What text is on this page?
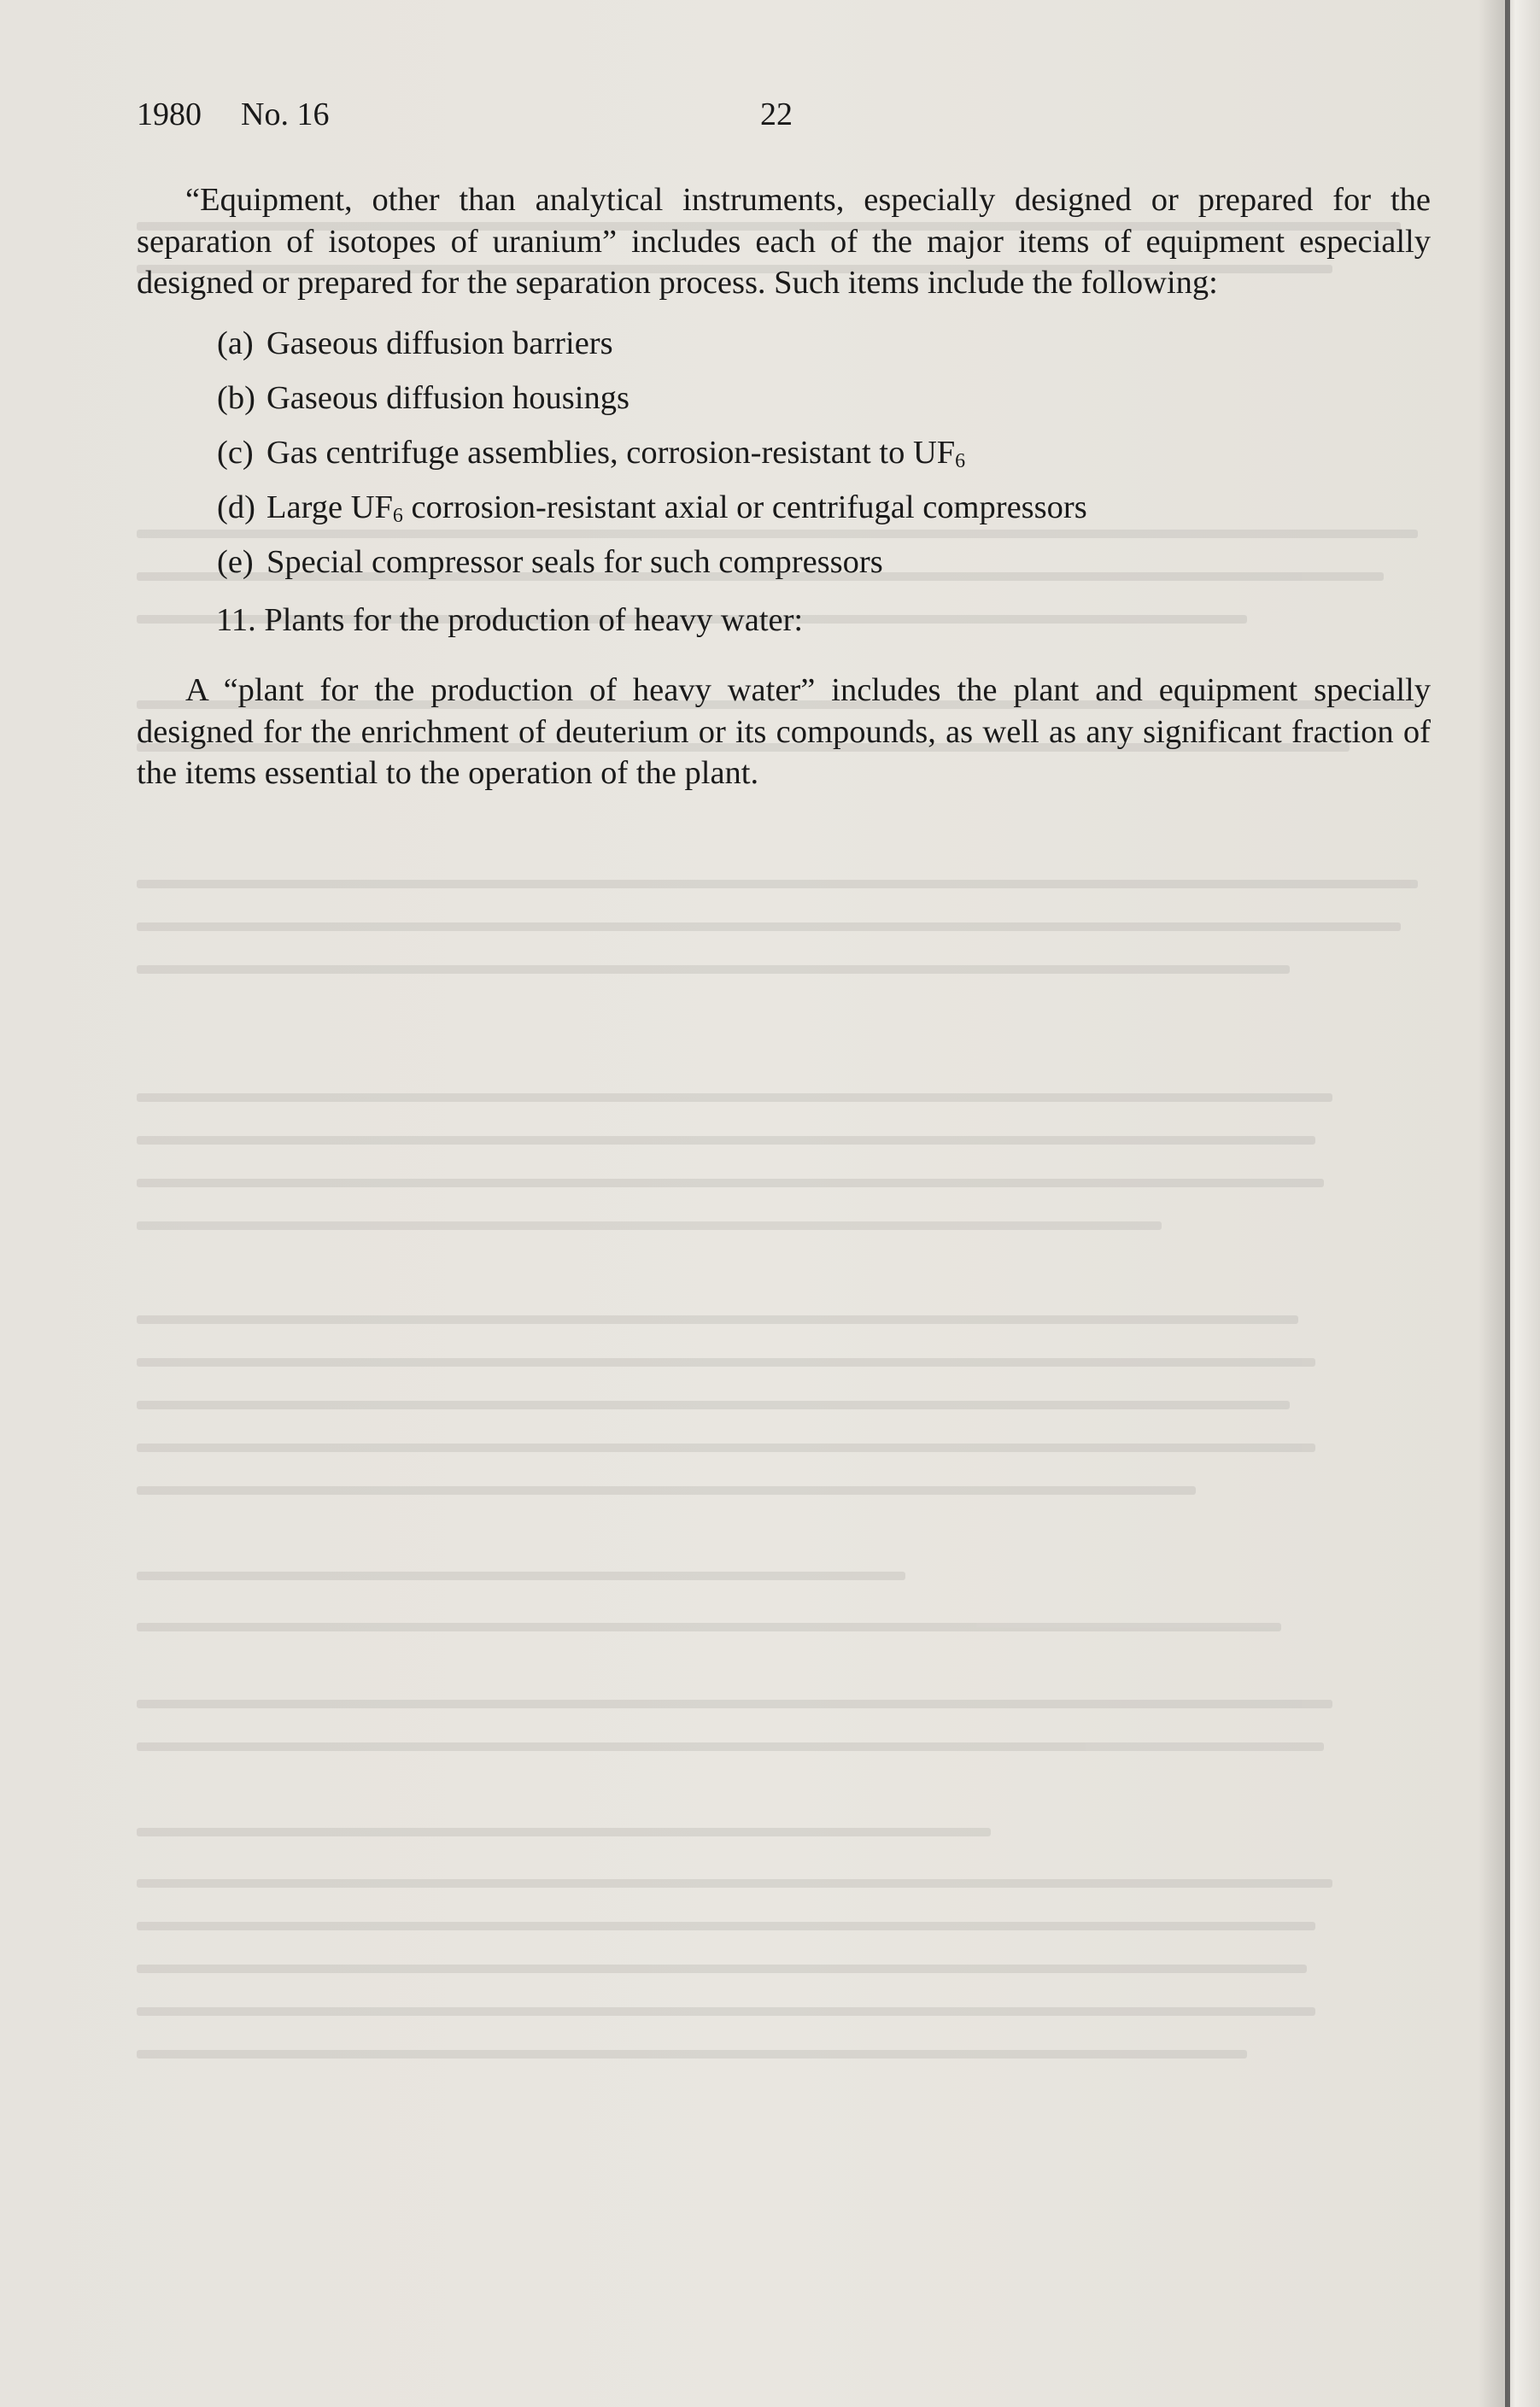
1980 No. 16	22

“Equipment, other than analytical instruments, especially designed or prepared for the separation of isotopes of uranium” includes each of the major items of equipment especially designed or prepared for the separation process. Such items include the following:

(a) Gaseous diffusion barriers
(b) Gaseous diffusion housings
(c) Gas centrifuge assemblies, corrosion-resistant to $UF_6$
(d) Large $UF_6$ corrosion-resistant axial or centrifugal compressors
(e) Special compressor seals for such compressors

11. Plants for the production of heavy water:

A “plant for the production of heavy water” includes the plant and equipment specially designed for the enrichment of deuterium or its compounds, as well as any significant fraction of the items essential to the operation of the plant.
